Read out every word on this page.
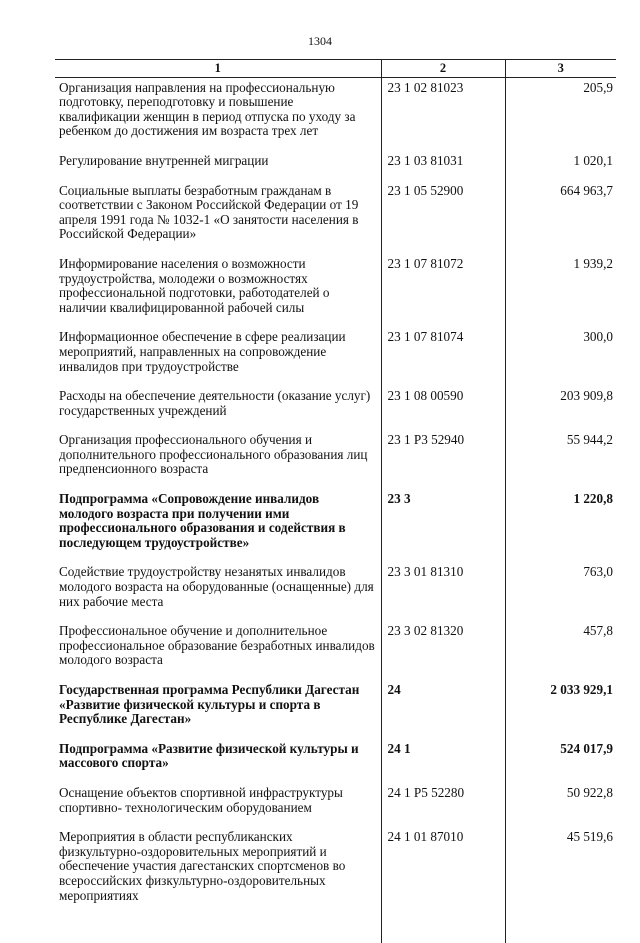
1304
1	2	3
Организация направления на профессиональную подготовку, переподготовку и повышение квалификации женщин в период отпуска по уходу за ребенком до достижения им возраста трех лет	23 1 02 81023	205,9
Регулирование внутренней миграции	23 1 03 81031	1 020,1
Социальные выплаты безработным гражданам в соответствии с Законом Российской Федерации от 19 апреля 1991 года № 1032-1 «О занятости населения в Российской Федерации»	23 1 05 52900	664 963,7
Информирование населения о возможности трудоустройства, молодежи о возможностях профессиональной подготовки, работодателей о наличии квалифицированной рабочей силы	23 1 07 81072	1 939,2
Информационное обеспечение в сфере реализации мероприятий, направленных на сопровождение инвалидов при трудоустройстве	23 1 07 81074	300,0
Расходы на обеспечение деятельности (оказание услуг) государственных учреждений	23 1 08 00590	203 909,8
Организация профессионального обучения и дополнительного профессионального образования лиц предпенсионного возраста	23 1 Р3 52940	55 944,2
Подпрограмма «Сопровождение инвалидов молодого возраста при получении ими профессионального образования и содействия в последующем трудоустройстве»	23 3	1 220,8
Содействие трудоустройству незанятых инвалидов молодого возраста на оборудованные (оснащенные) для них рабочие места	23 3 01 81310	763,0
Профессиональное обучение и дополнительное профессиональное образование безработных инвалидов молодого возраста	23 3 02 81320	457,8
Государственная программа Республики Дагестан «Развитие физической культуры и спорта в Республике Дагестан»	24	2 033 929,1
Подпрограмма «Развитие физической культуры и массового спорта»	24 1	524 017,9
Оснащение объектов спортивной инфраструктуры спортивно- технологическим оборудованием	24 1 Р5 52280	50 922,8
Мероприятия в области республиканских физкультурно-оздоровительных мероприятий и обеспечение участия дагестанских спортсменов во всероссийских физкультурно-оздоровительных мероприятиях	24 1 01 87010	45 519,6
